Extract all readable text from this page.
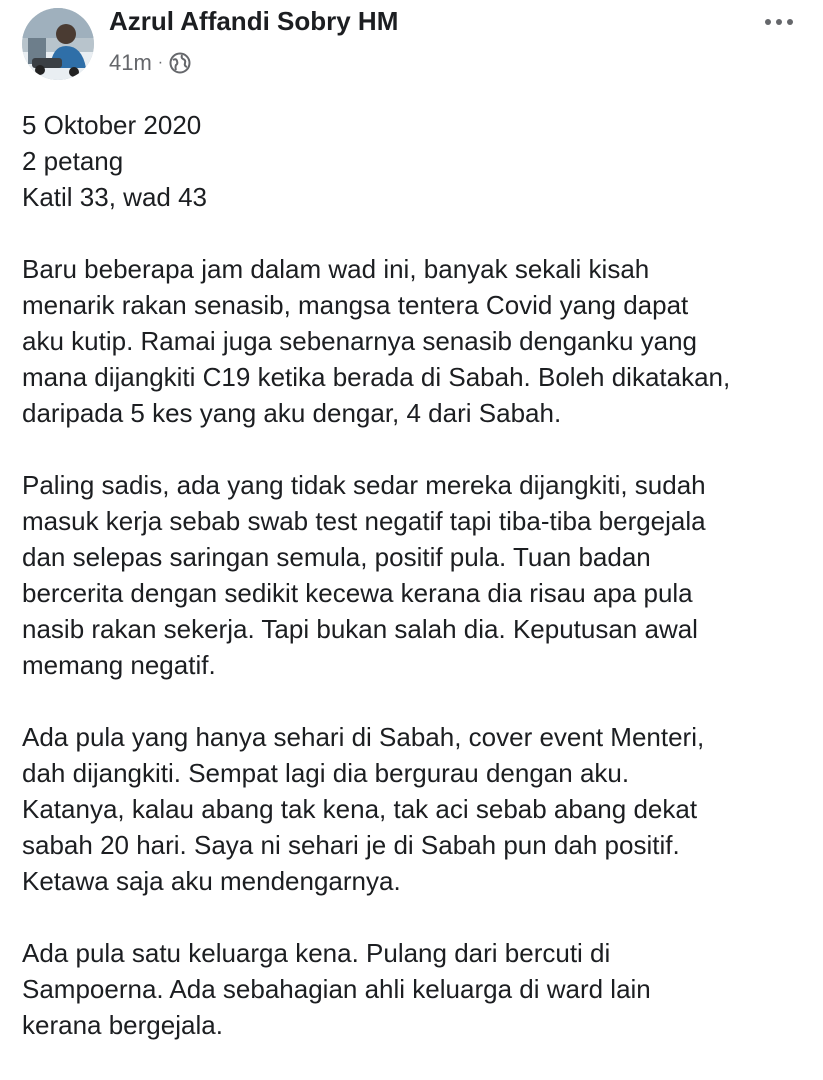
Azrul Affandi Sobry HM
41m ·

5 Oktober 2020
2 petang
Katil 33, wad 43

Baru beberapa jam dalam wad ini, banyak sekali kisah
menarik rakan senasib, mangsa tentera Covid yang dapat
aku kutip. Ramai juga sebenarnya senasib denganku yang
mana dijangkiti C19 ketika berada di Sabah. Boleh dikatakan,
daripada 5 kes yang aku dengar, 4 dari Sabah.

Paling sadis, ada yang tidak sedar mereka dijangkiti, sudah
masuk kerja sebab swab test negatif tapi tiba-tiba bergejala
dan selepas saringan semula, positif pula. Tuan badan
bercerita dengan sedikit kecewa kerana dia risau apa pula
nasib rakan sekerja. Tapi bukan salah dia. Keputusan awal
memang negatif.

Ada pula yang hanya sehari di Sabah, cover event Menteri,
dah dijangkiti. Sempat lagi dia bergurau dengan aku.
Katanya, kalau abang tak kena, tak aci sebab abang dekat
sabah 20 hari. Saya ni sehari je di Sabah pun dah positif.
Ketawa saja aku mendengarnya.

Ada pula satu keluarga kena. Pulang dari bercuti di
Sampoerna. Ada sebahagian ahli keluarga di ward lain
kerana bergejala.
